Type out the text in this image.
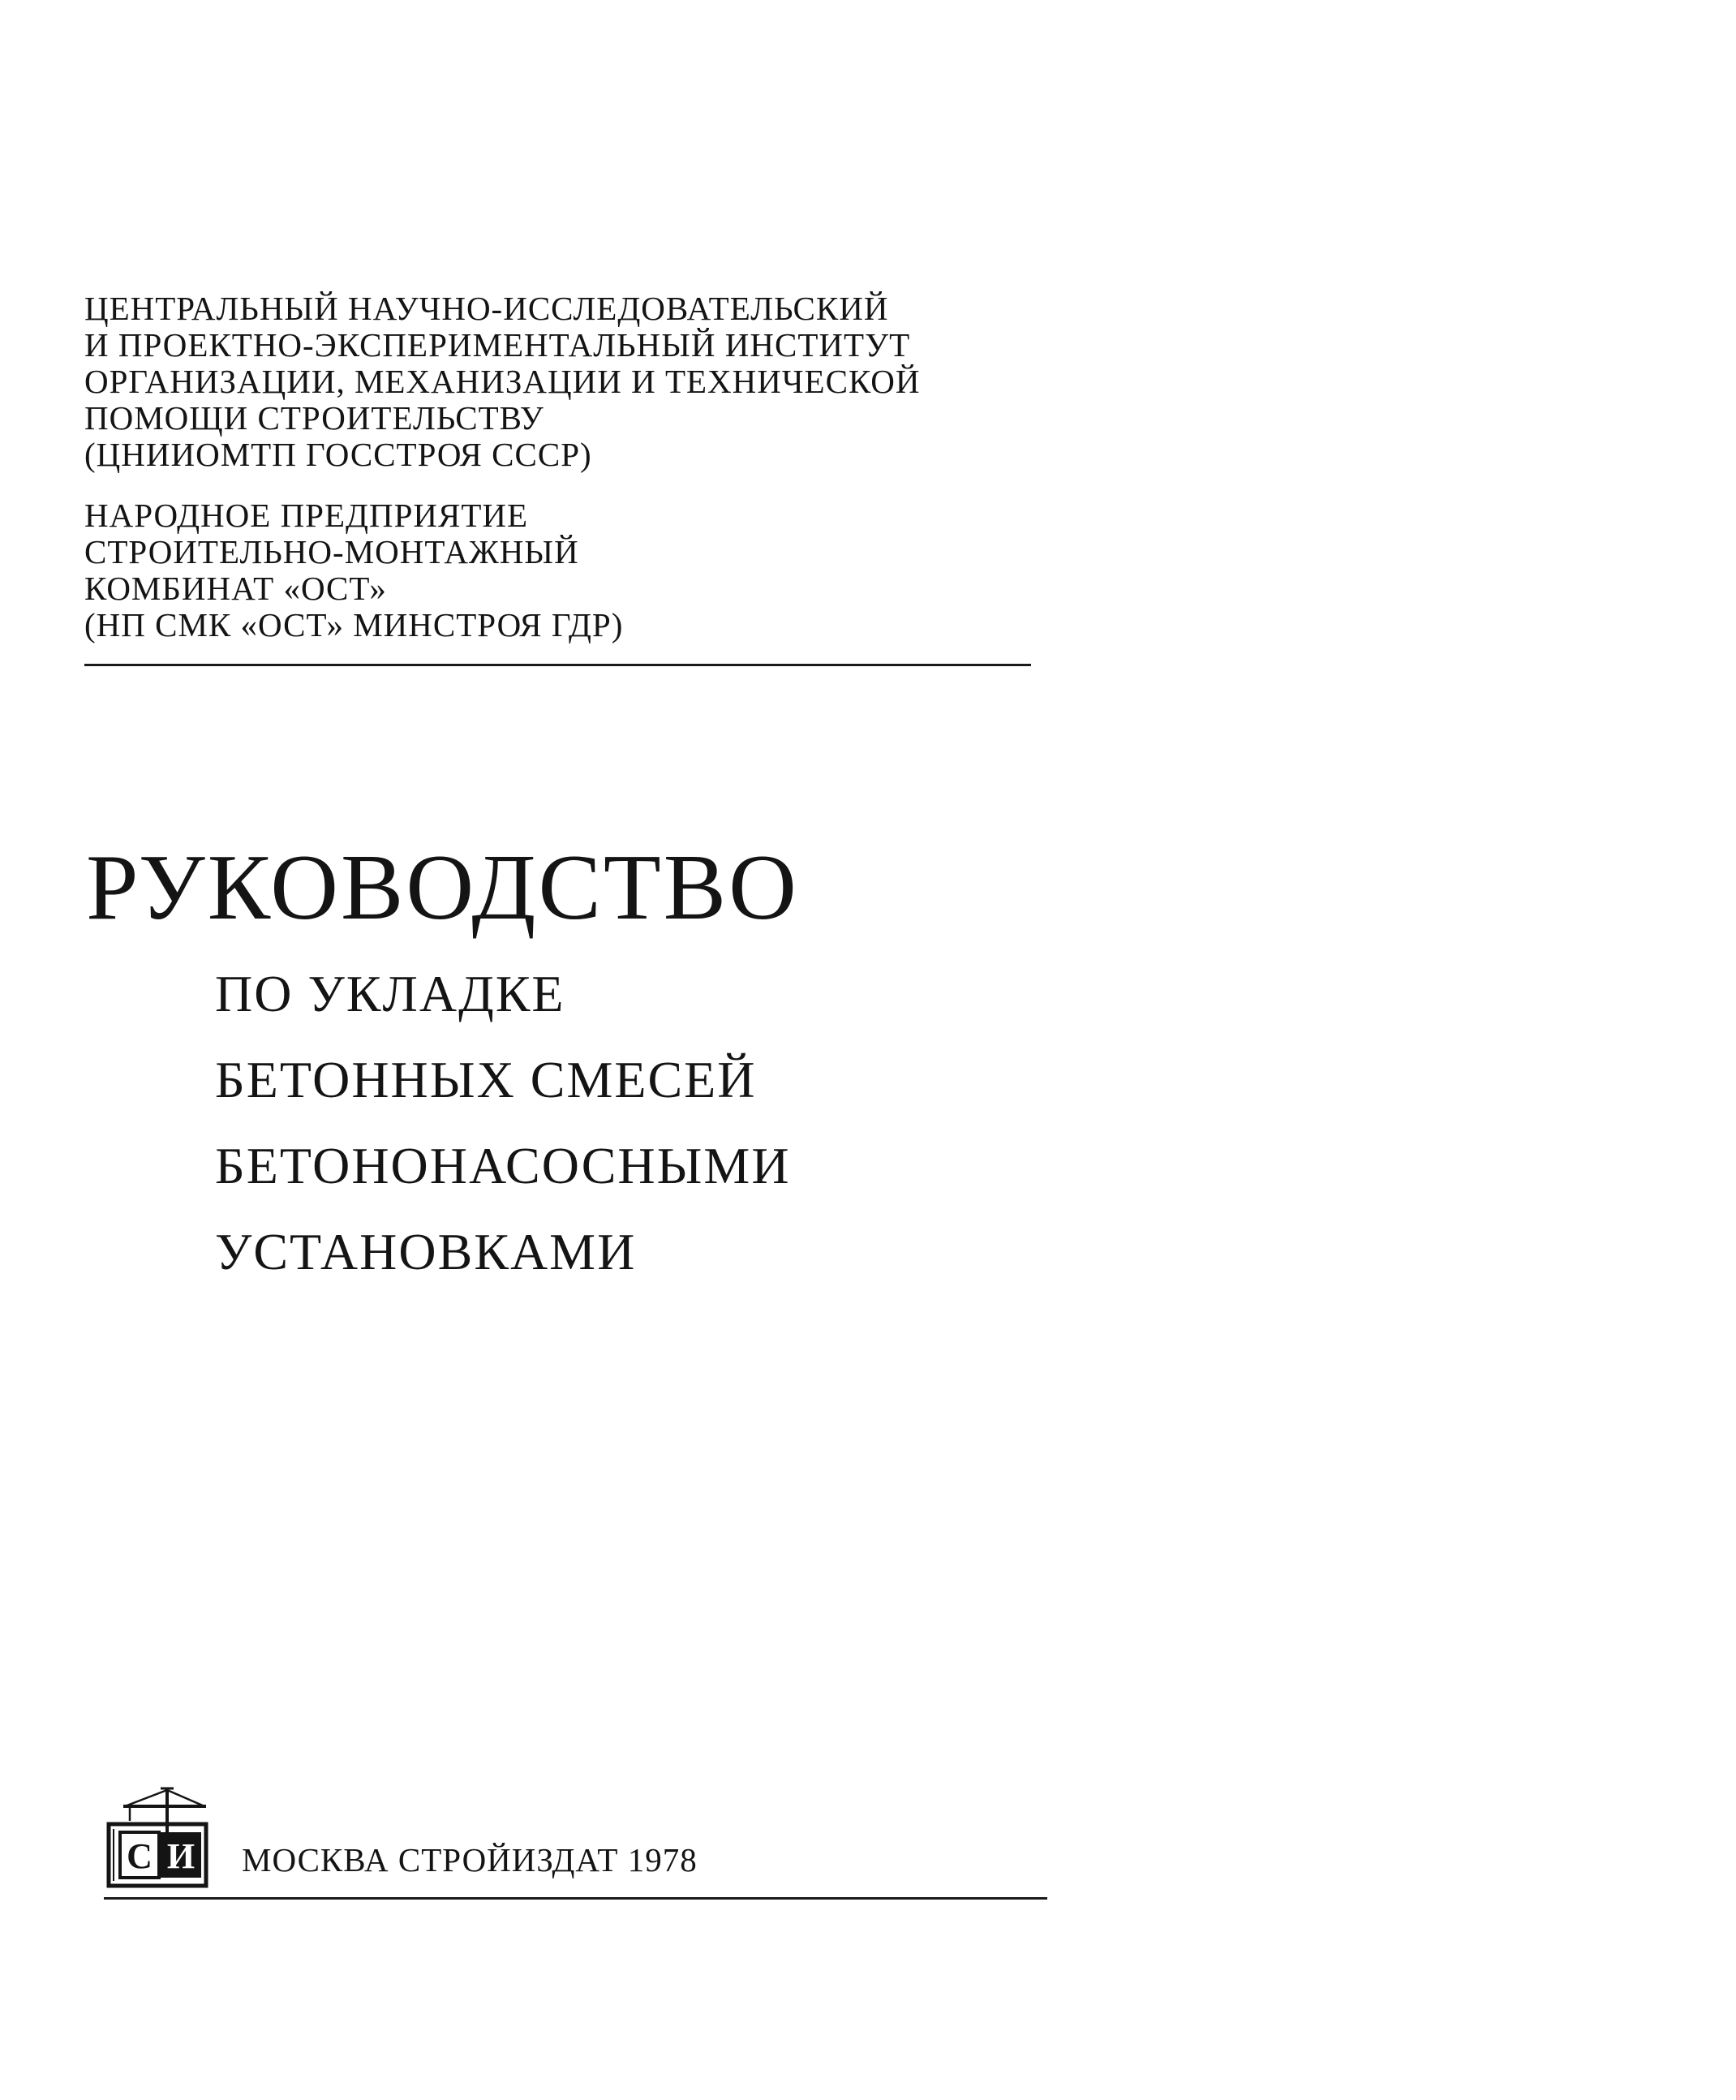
ЦЕНТРАЛЬНЫЙ НАУЧНО-ИССЛЕДОВАТЕЛЬСКИЙ
И ПРОЕКТНО-ЭКСПЕРИМЕНТАЛЬНЫЙ ИНСТИТУТ
ОРГАНИЗАЦИИ, МЕХАНИЗАЦИИ И ТЕХНИЧЕСКОЙ
ПОМОЩИ СТРОИТЕЛЬСТВУ
(ЦНИИОМТП ГОССТРОЯ СССР)
НАРОДНОЕ ПРЕДПРИЯТИЕ
СТРОИТЕЛЬНО-МОНТАЖНЫЙ
КОМБИНАТ «ОСТ»
(НП СМК «ОСТ» МИНСТРОЯ ГДР)
РУКОВОДСТВО
ПО УКЛАДКЕ
БЕТОННЫХ СМЕСЕЙ
БЕТОНОНАСОСНЫМИ
УСТАНОВКАМИ
С И МОСКВА СТРОЙИЗДАТ 1978
